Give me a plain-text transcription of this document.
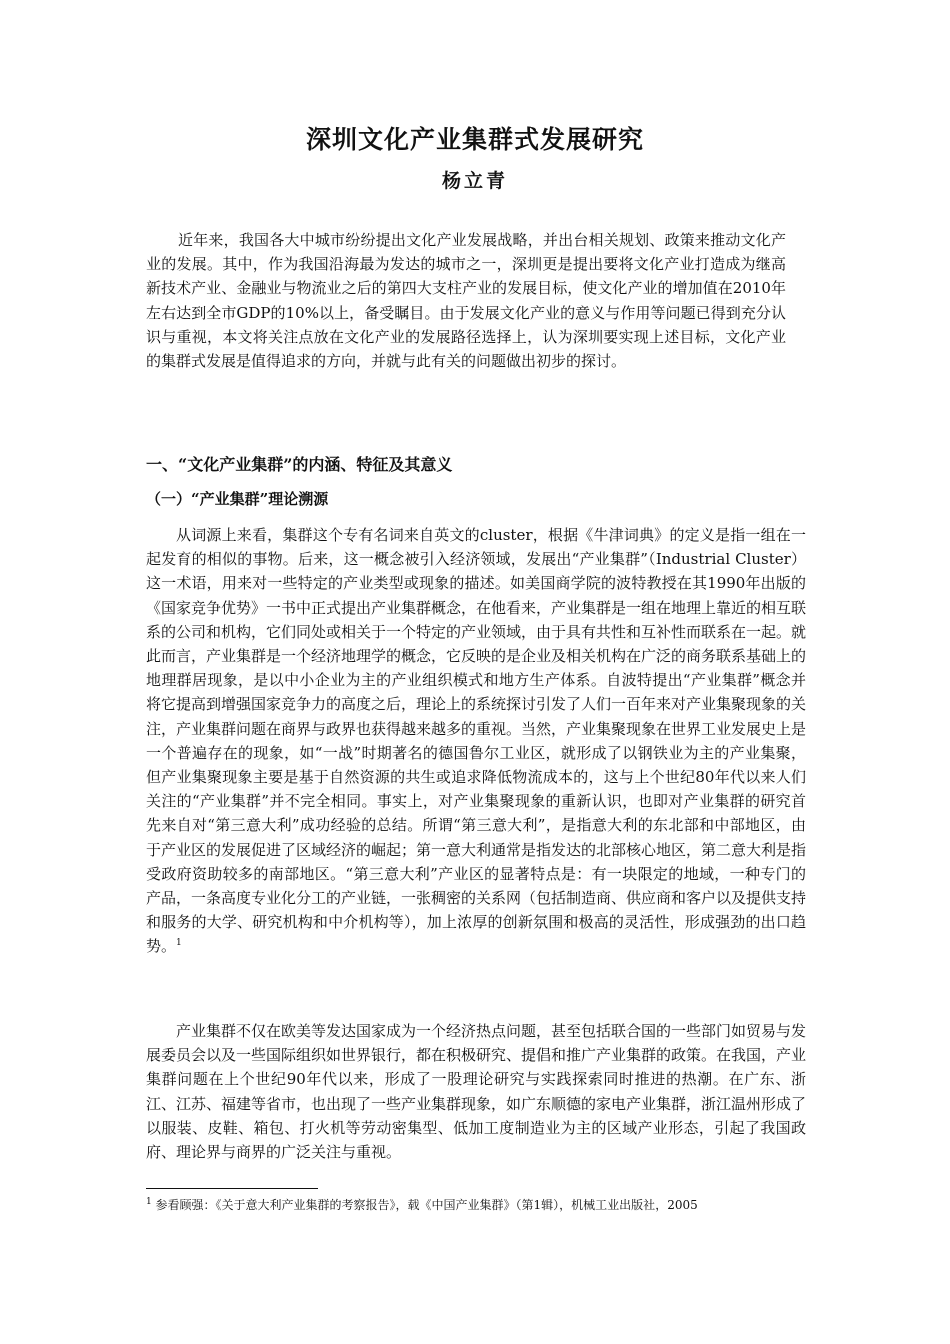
深圳文化产业集群式发展研究
杨立青

近年来，我国各大中城市纷纷提出文化产业发展战略，并出台相关规划、政策来推动文化产业的发展。其中，作为我国沿海最为发达的城市之一，深圳更是提出要将文化产业打造成为继高新技术产业、金融业与物流业之后的第四大支柱产业的发展目标，使文化产业的增加值在2010年左右达到全市GDP的10%以上，备受瞩目。由于发展文化产业的意义与作用等问题已得到充分认识与重视，本文将关注点放在文化产业的发展路径选择上，认为深圳要实现上述目标，文化产业的集群式发展是值得追求的方向，并就与此有关的问题做出初步的探讨。

一、“文化产业集群”的内涵、特征及其意义
（一）“产业集群”理论溯源

从词源上来看，集群这个专有名词来自英文的cluster，根据《牛津词典》的定义是指一组在一起发育的相似的事物。后来，这一概念被引入经济领域，发展出“产业集群”（Industrial Cluster）这一术语，用来对一些特定的产业类型或现象的描述。如美国商学院的波特教授在其1990年出版的《国家竞争优势》一书中正式提出产业集群概念，在他看来，产业集群是一组在地理上靠近的相互联系的公司和机构，它们同处或相关于一个特定的产业领域，由于具有共性和互补性而联系在一起。就此而言，产业集群是一个经济地理学的概念，它反映的是企业及相关机构在广泛的商务联系基础上的地理群居现象，是以中小企业为主的产业组织模式和地方生产体系。自波特提出“产业集群”概念并将它提高到增强国家竞争力的高度之后，理论上的系统探讨引发了人们一百年来对产业集聚现象的关注，产业集群问题在商界与政界也获得越来越多的重视。当然，产业集聚现象在世界工业发展史上是一个普遍存在的现象，如“一战”时期著名的德国鲁尔工业区，就形成了以钢铁业为主的产业集聚，但产业集聚现象主要是基于自然资源的共生或追求降低物流成本的，这与上个世纪80年代以来人们关注的“产业集群”并不完全相同。事实上，对产业集聚现象的重新认识，也即对产业集群的研究首先来自对“第三意大利”成功经验的总结。所谓“第三意大利”，是指意大利的东北部和中部地区，由于产业区的发展促进了区域经济的崛起；第一意大利通常是指发达的北部核心地区，第二意大利是指受政府资助较多的南部地区。“第三意大利”产业区的显著特点是：有一块限定的地域，一种专门的产品，一条高度专业化分工的产业链，一张稠密的关系网（包括制造商、供应商和客户以及提供支持和服务的大学、研究机构和中介机构等），加上浓厚的创新氛围和极高的灵活性，形成强劲的出口趋势。$^1$

产业集群不仅在欧美等发达国家成为一个经济热点问题，甚至包括联合国的一些部门如贸易与发展委员会以及一些国际组织如世界银行，都在积极研究、提倡和推广产业集群的政策。在我国，产业集群问题在上个世纪90年代以来，形成了一股理论研究与实践探索同时推进的热潮。在广东、浙江、江苏、福建等省市，也出现了一些产业集群现象，如广东顺德的家电产业集群，浙江温州形成了以服装、皮鞋、箱包、打火机等劳动密集型、低加工度制造业为主的区域产业形态，引起了我国政府、理论界与商界的广泛关注与重视。

$^1$ 参看顾强：《关于意大利产业集群的考察报告》，载《中国产业集群》（第1辑），机械工业出版社，2005
